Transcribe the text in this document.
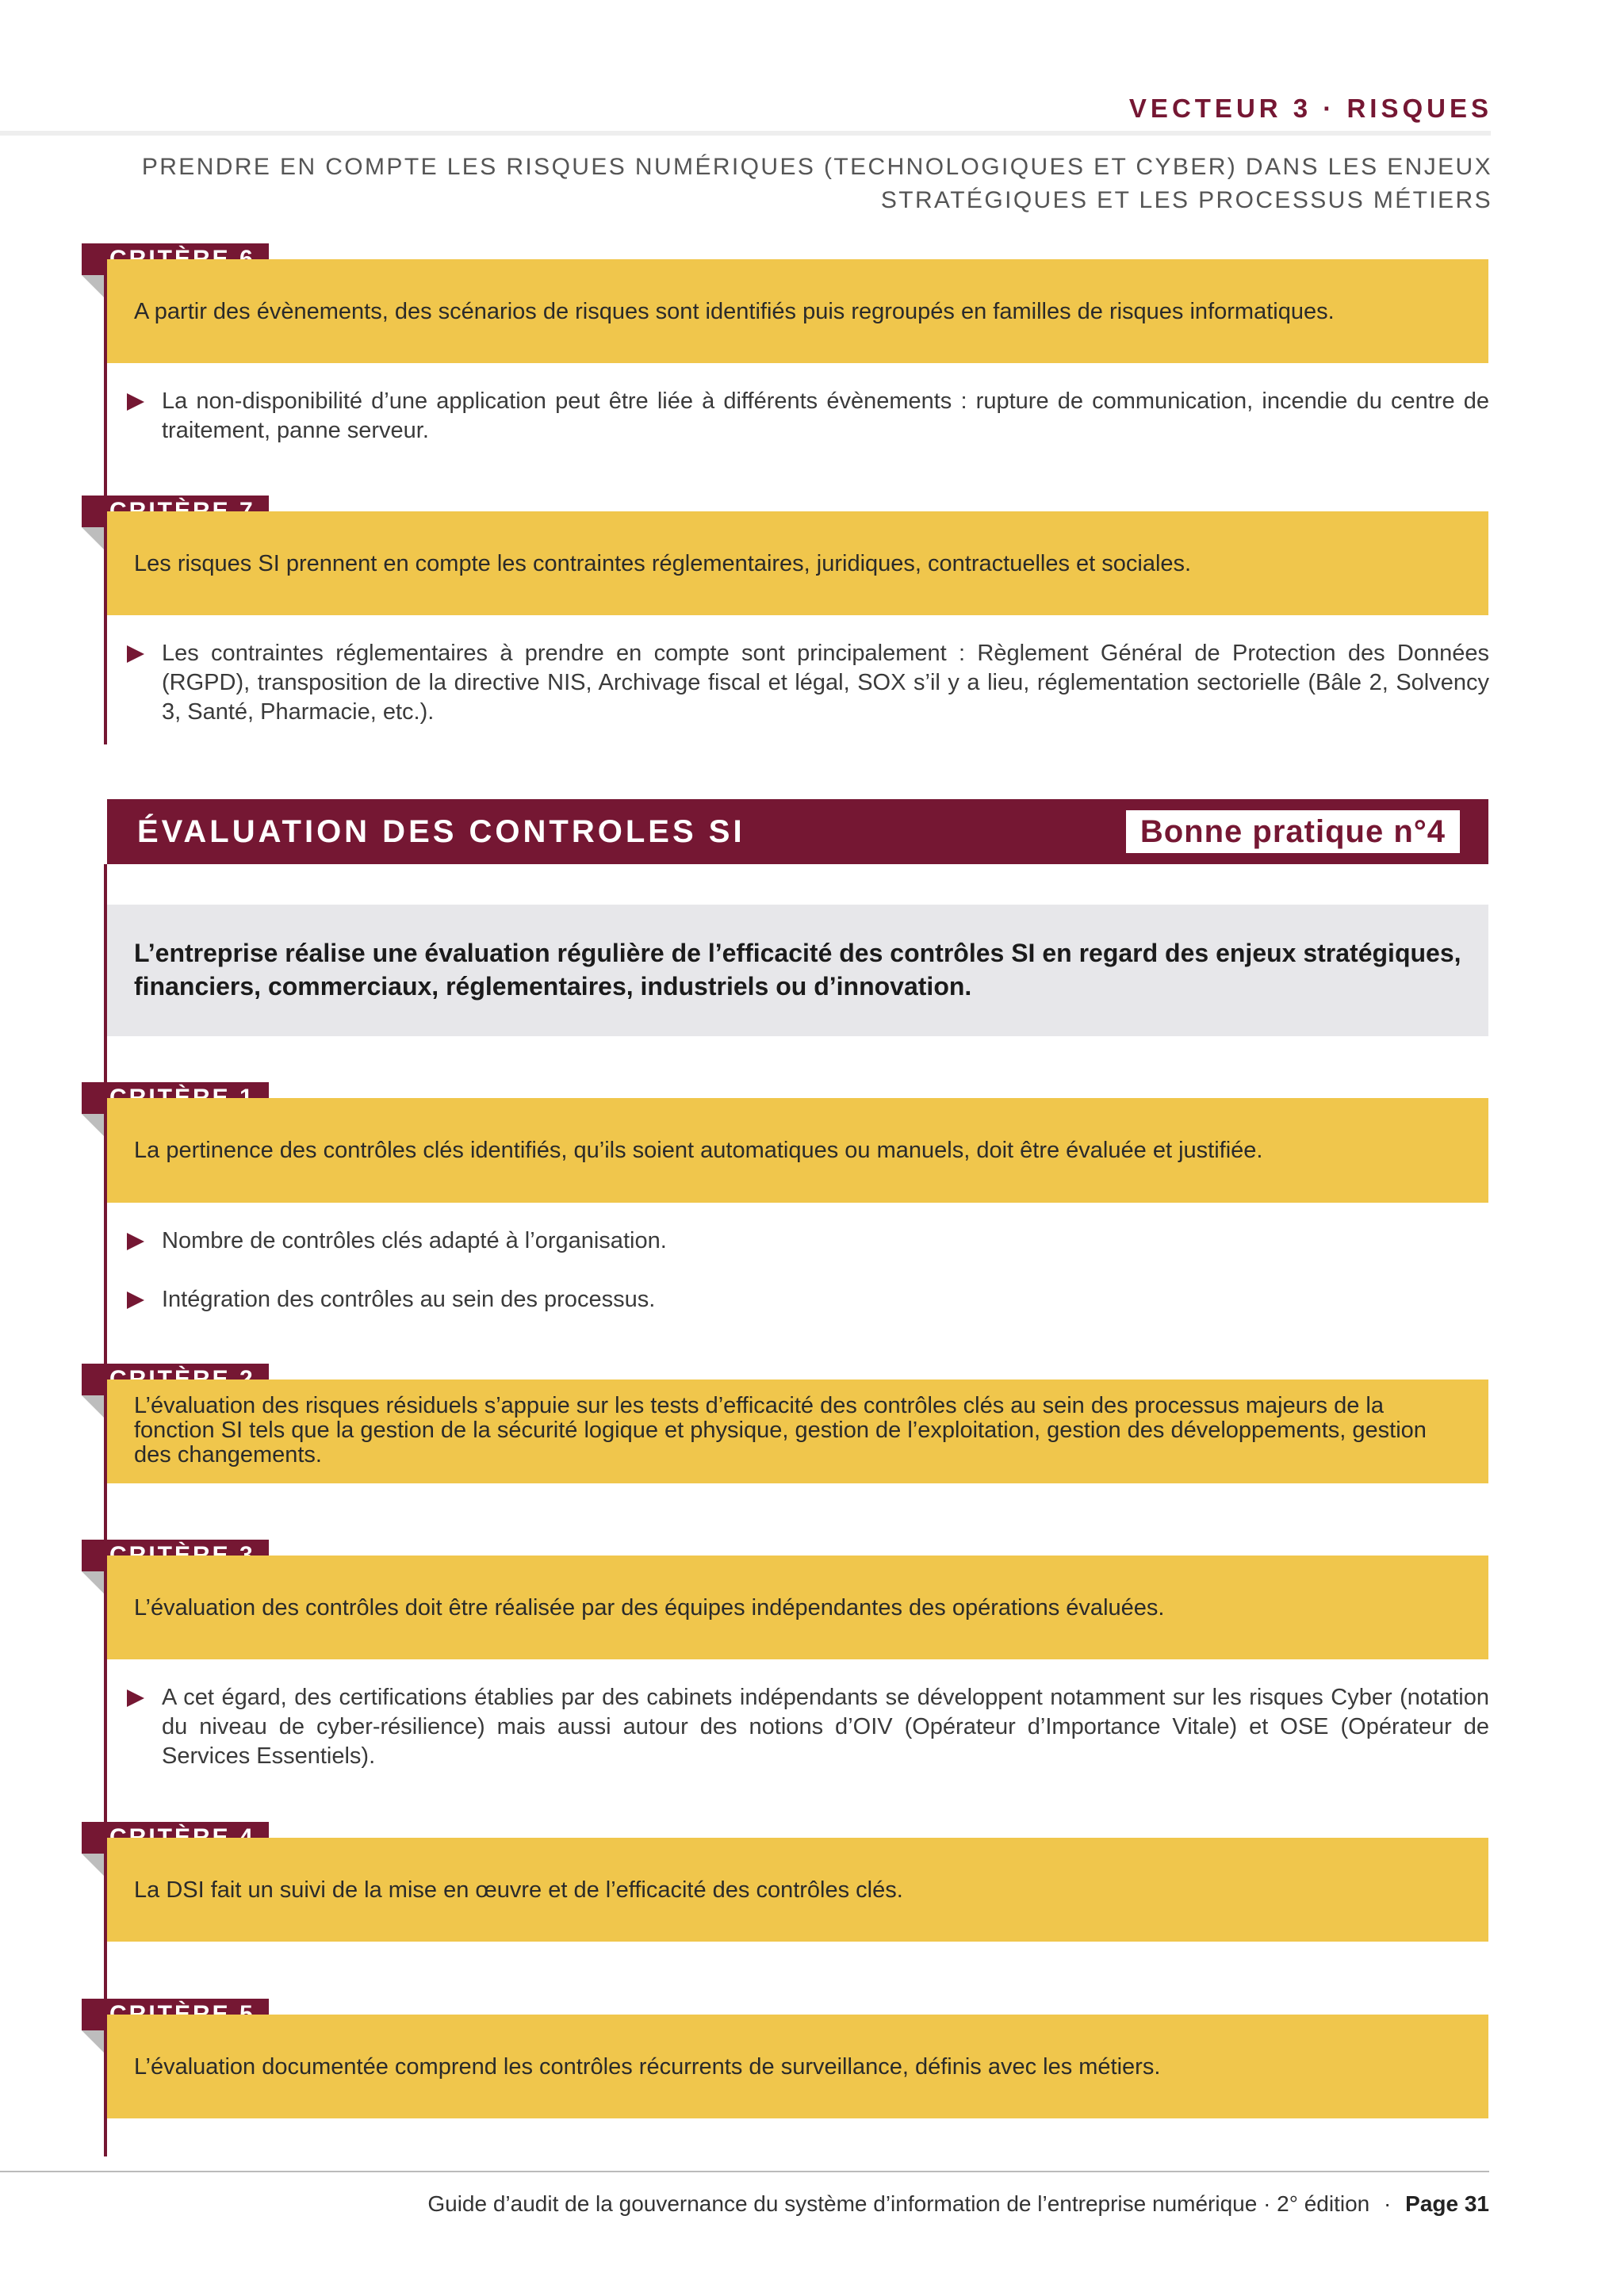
VECTEUR 3 · RISQUES
PRENDRE EN COMPTE LES RISQUES NUMÉRIQUES (TECHNOLOGIQUES ET CYBER) DANS LES ENJEUX
STRATÉGIQUES ET LES PROCESSUS MÉTIERS
A partir des évènements, des scénarios de risques sont identifiés puis regroupés en familles de risques informatiques.
La non-disponibilité d’une application peut être liée à différents évènements : rupture de communication, incendie du centre de traitement, panne serveur.
Les risques SI prennent en compte les contraintes réglementaires, juridiques, contractuelles et sociales.
Les contraintes réglementaires à prendre en compte sont principalement : Règlement Général de Protection des Données (RGPD), transposition de la directive NIS, Archivage fiscal et légal, SOX s’il y a lieu, réglementation sectorielle (Bâle 2, Solvency 3, Santé, Pharmacie, etc.).
ÉVALUATION DES CONTROLES SI	Bonne pratique n°4
L’entreprise réalise une évaluation régulière de l’efficacité des contrôles SI en regard des enjeux stratégiques, financiers, commerciaux, réglementaires, industriels ou d’innovation.
La pertinence des contrôles clés identifiés, qu’ils soient automatiques ou manuels, doit être évaluée et justifiée.
Nombre de contrôles clés adapté à l’organisation.
Intégration des contrôles au sein des processus.
L’évaluation des risques résiduels s’appuie sur les tests d’efficacité des contrôles clés au sein des processus majeurs de la fonction SI tels que la gestion de la sécurité logique et physique, gestion de l’exploitation, gestion des développements, gestion des changements.
L’évaluation des contrôles doit être réalisée par des équipes indépendantes des opérations évaluées.
A cet égard, des certifications établies par des cabinets indépendants se développent notamment sur les risques Cyber (notation du niveau de cyber-résilience) mais aussi autour des notions d’OIV (Opérateur d’Importance Vitale) et OSE (Opérateur de Services Essentiels).
La DSI fait un suivi de la mise en œuvre et de l’efficacité des contrôles clés.
L’évaluation documentée comprend les contrôles récurrents de surveillance, définis avec les métiers.
Guide d’audit de la gouvernance du système d’information de l’entreprise numérique · 2° édition · Page 31
